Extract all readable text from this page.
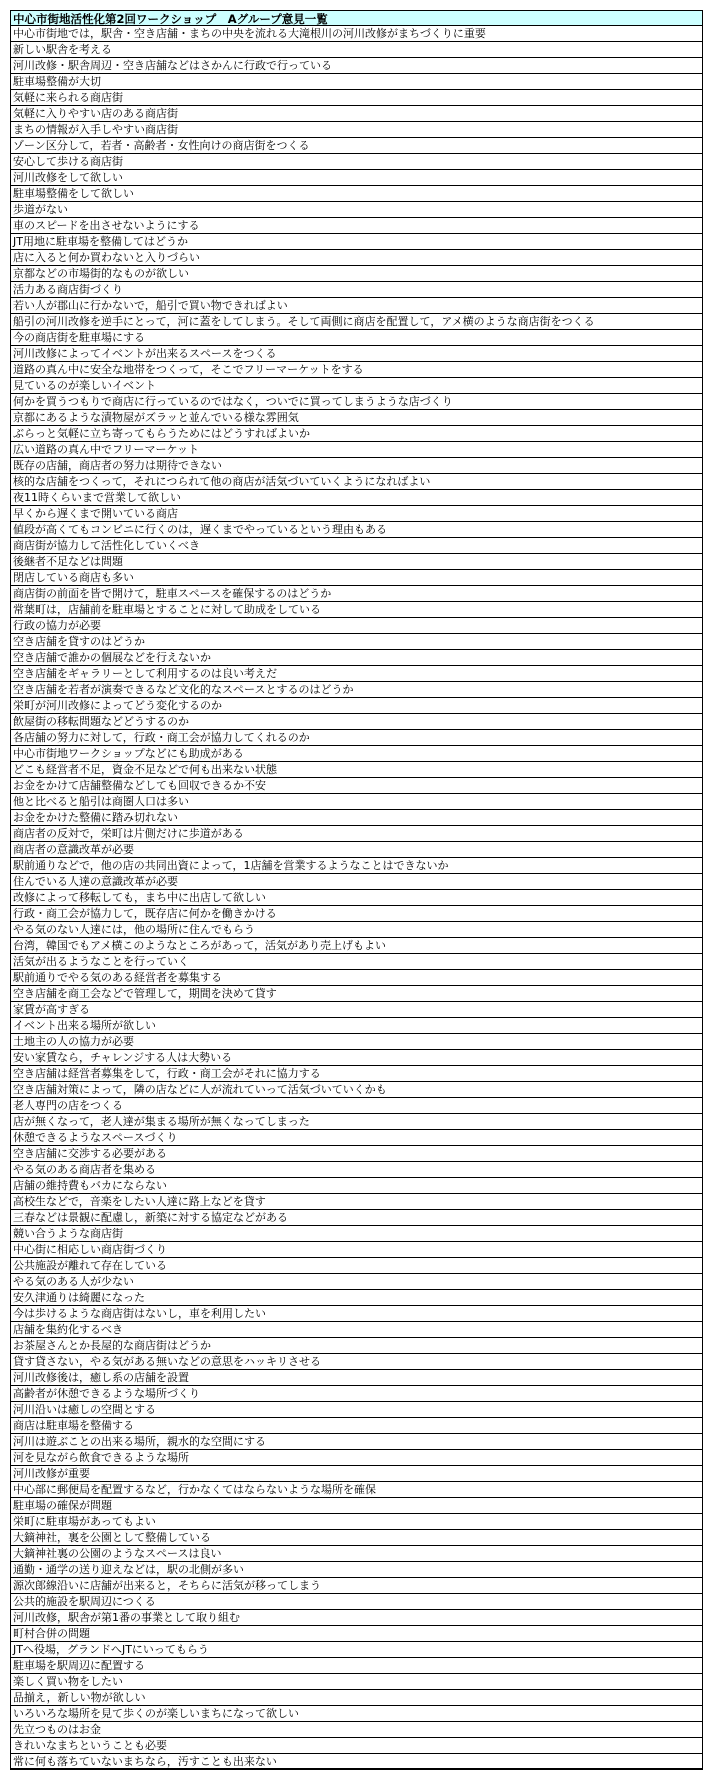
中心市街地活性化第2回ワークショップ　Aグループ意見一覧
中心市街地では，駅舎・空き店舗・まちの中央を流れる大滝根川の河川改修がまちづくりに重要
新しい駅舎を考える
河川改修・駅舎周辺・空き店舗などはさかんに行政で行っている
駐車場整備が大切
気軽に来られる商店街
気軽に入りやすい店のある商店街
まちの情報が入手しやすい商店街
ゾーン区分して，若者・高齢者・女性向けの商店街をつくる
安心して歩ける商店街
河川改修をして欲しい
駐車場整備をして欲しい
歩道がない
車のスピードを出させないようにする
JT用地に駐車場を整備してはどうか
店に入ると何か買わないと入りづらい
京都などの市場街的なものが欲しい
活力ある商店街づくり
若い人が郡山に行かないで，船引で買い物できればよい
船引の河川改修を逆手にとって，河に蓋をしてしまう。そして両側に商店を配置して，アメ横のような商店街をつくる
今の商店街を駐車場にする
河川改修によってイベントが出来るスペースをつくる
道路の真ん中に安全な地帯をつくって，そこでフリーマーケットをする
見ているのが楽しいイベント
何かを買うつもりで商店に行っているのではなく，ついでに買ってしまうような店づくり
京都にあるような漬物屋がズラッと並んでいる様な雰囲気
ぶらっと気軽に立ち寄ってもらうためにはどうすればよいか
広い道路の真ん中でフリーマーケット
既存の店舗，商店者の努力は期待できない
核的な店舗をつくって，それにつられて他の商店が活気づいていくようになればよい
夜11時くらいまで営業して欲しい
早くから遅くまで開いている商店
値段が高くてもコンビニに行くのは，遅くまでやっているという理由もある
商店街が協力して活性化していくべき
後継者不足などは問題
閉店している商店も多い
商店街の前面を皆で開けて，駐車スペースを確保するのはどうか
常葉町は，店舗前を駐車場とすることに対して助成をしている
行政の協力が必要
空き店舗を貸すのはどうか
空き店舗で誰かの個展などを行えないか
空き店舗をギャラリーとして利用するのは良い考えだ
空き店舗を若者が演奏できるなど文化的なスペースとするのはどうか
栄町が河川改修によってどう変化するのか
飲屋街の移転問題などどうするのか
各店舗の努力に対して，行政・商工会が協力してくれるのか
中心市街地ワークショップなどにも助成がある
どこも経営者不足，資金不足などで何も出来ない状態
お金をかけて店舗整備などしても回収できるか不安
他と比べると船引は商圏人口は多い
お金をかけた整備に踏み切れない
商店者の反対で，栄町は片側だけに歩道がある
商店者の意識改革が必要
駅前通りなどで，他の店の共同出資によって，1店舗を営業するようなことはできないか
住んでいる人達の意識改革が必要
改修によって移転しても，まち中に出店して欲しい
行政・商工会が協力して，既存店に何かを働きかける
やる気のない人達には，他の場所に住んでもらう
台湾，韓国でもアメ横このようなところがあって，活気があり売上げもよい
活気が出るようなことを行っていく
駅前通りでやる気のある経営者を募集する
空き店舗を商工会などで管理して，期間を決めて貸す
家賃が高すぎる
イベント出来る場所が欲しい
土地主の人の協力が必要
安い家賃なら，チャレンジする人は大勢いる
空き店舗は経営者募集をして，行政・商工会がそれに協力する
空き店舗対策によって，隣の店などに人が流れていって活気づいていくかも
老人専門の店をつくる
店が無くなって，老人達が集まる場所が無くなってしまった
休憩できるようなスペースづくり
空き店舗に交渉する必要がある
やる気のある商店者を集める
店舗の維持費もバカにならない
高校生などで，音楽をしたい人達に路上などを貸す
三春などは景観に配慮し，新築に対する協定などがある
競い合うような商店街
中心街に相応しい商店街づくり
公共施設が離れて存在している
やる気のある人が少ない
安久津通りは綺麗になった
今は歩けるような商店街はないし，車を利用したい
店舗を集約化するべき
お茶屋さんとか長屋的な商店街はどうか
貸す貸さない，やる気がある無いなどの意思をハッキリさせる
河川改修後は，癒し系の店舗を設置
高齢者が休憩できるような場所づくり
河川沿いは癒しの空間とする
商店は駐車場を整備する
河川は遊ぶことの出来る場所，親水的な空間にする
河を見ながら飲食できるような場所
河川改修が重要
中心部に郵便局を配置するなど，行かなくてはならないような場所を確保
駐車場の確保が問題
栄町に駐車場があってもよい
大鏑神社，裏を公園として整備している
大鏑神社裏の公園のようなスペースは良い
通勤・通学の送り迎えなどは，駅の北側が多い
源次郎線沿いに店舗が出来ると，そちらに活気が移ってしまう
公共的施設を駅周辺につくる
河川改修，駅舎が第1番の事業として取り組む
町村合併の問題
JTへ役場，グランドへJTにいってもらう
駐車場を駅周辺に配置する
楽しく買い物をしたい
品揃え，新しい物が欲しい
いろいろな場所を見て歩くのが楽しいまちになって欲しい
先立つものはお金
きれいなまちということも必要
常に何も落ちていないまちなら，汚すことも出来ない
